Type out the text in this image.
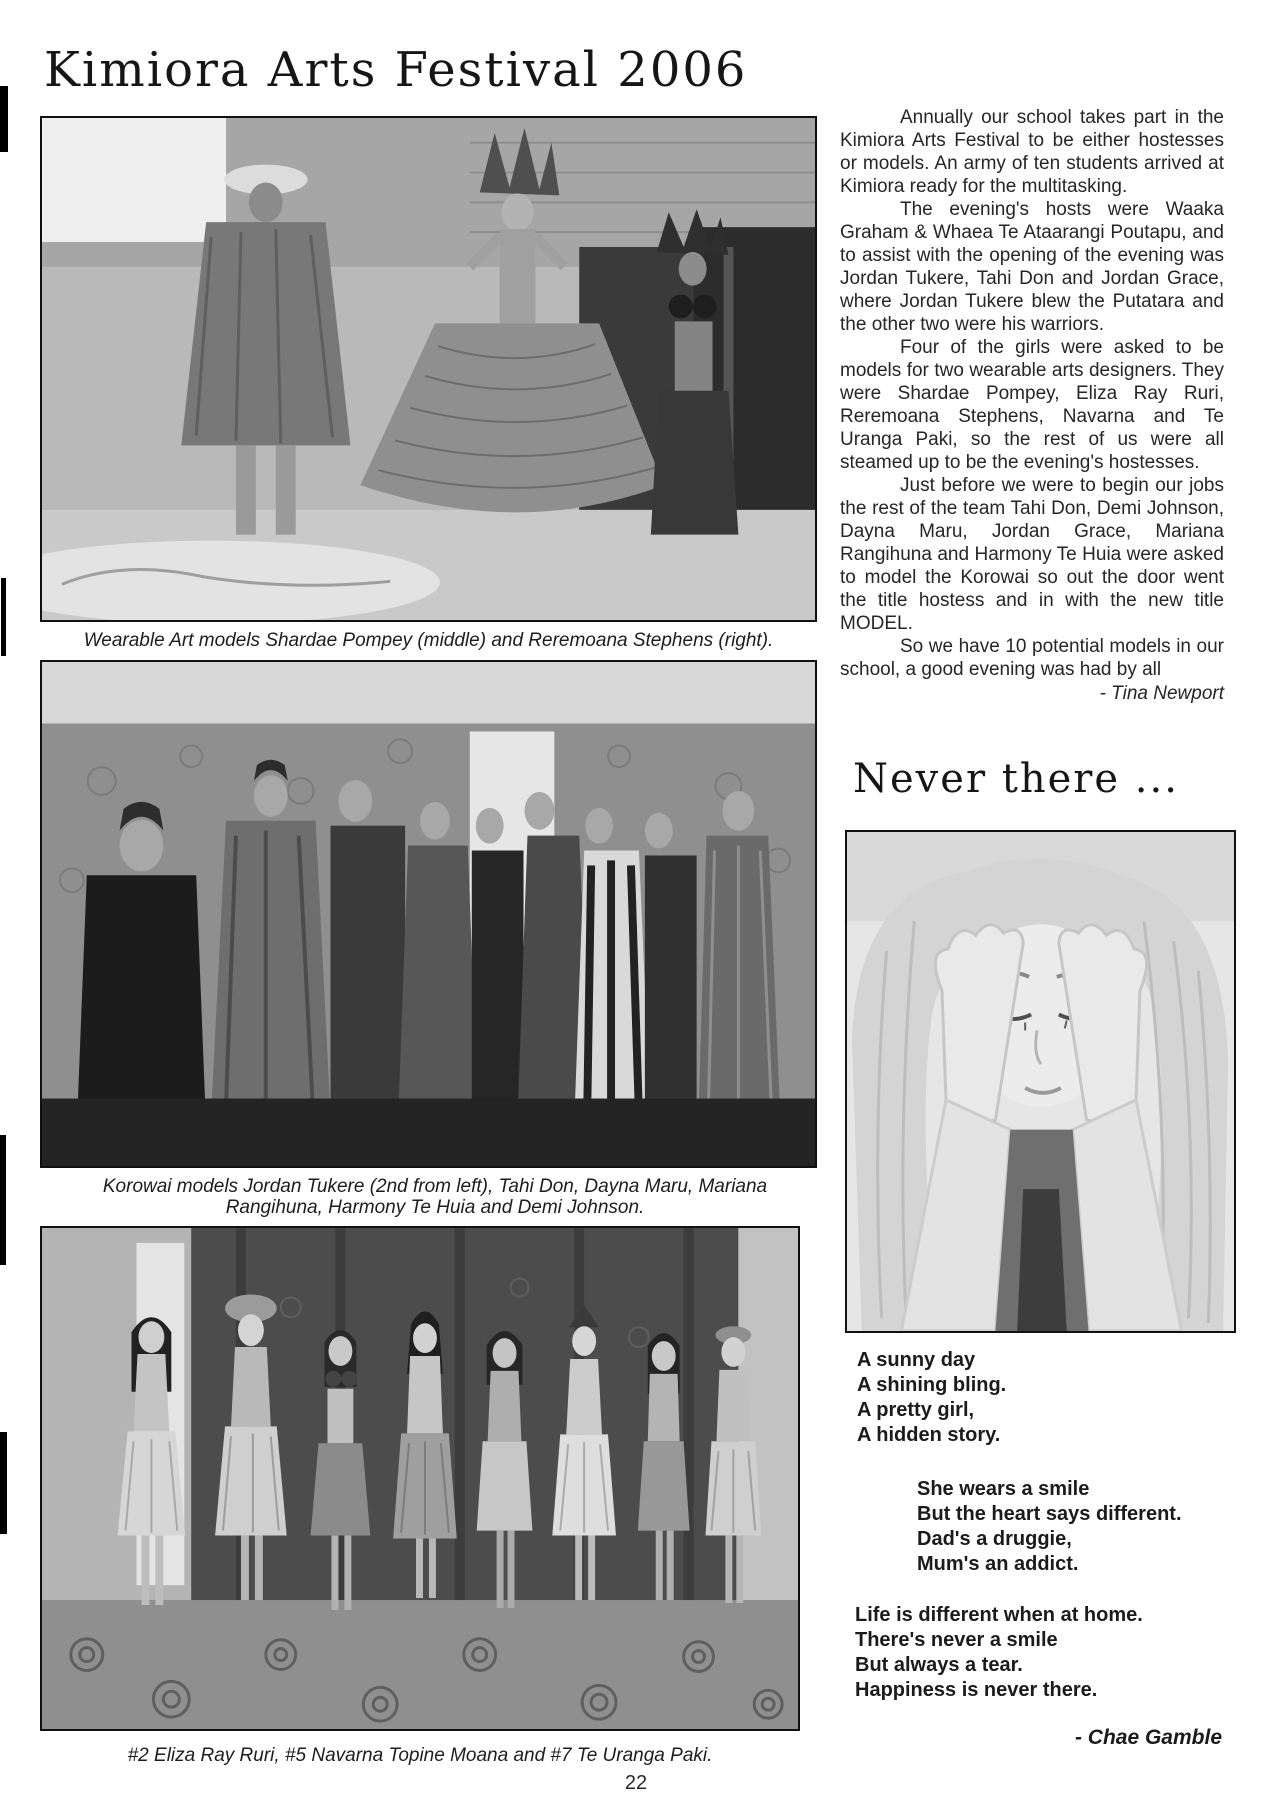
Kimiora Arts Festival 2006
Wearable Art models Shardae Pompey (middle) and Reremoana Stephens (right).
Korowai models Jordan Tukere (2nd from left), Tahi Don, Dayna Maru, Mariana
Rangihuna, Harmony Te Huia and Demi Johnson.
#2 Eliza Ray Ruri, #5 Navarna Topine Moana and #7 Te Uranga Paki.
22

Annually our school takes part in the Kimiora Arts Festival to be either hostesses or models. An army of ten students arrived at Kimiora ready for the multitasking.

The evening's hosts were Waaka Graham & Whaea Te Ataarangi Poutapu, and to assist with the opening of the evening was Jordan Tukere, Tahi Don and Jordan Grace, where Jordan Tukere blew the Putatara and the other two were his warriors.

Four of the girls were asked to be models for two wearable arts designers. They were Shardae Pompey, Eliza Ray Ruri, Reremoana Stephens, Navarna and Te Uranga Paki, so the rest of us were all steamed up to be the evening's hostesses.

Just before we were to begin our jobs the rest of the team Tahi Don, Demi Johnson, Dayna Maru, Jordan Grace, Mariana Rangihuna and Harmony Te Huia were asked to model the Korowai so out the door went the title hostess and in with the new title MODEL.

So we have 10 potential models in our school, a good evening was had by all

- Tina Newport
Never there ...
A sunny day
A shining bling.
A pretty girl,
A hidden story.
She wears a smile
But the heart says different.
Dad's a druggie,
Mum's an addict.
Life is different when at home.
There's never a smile
But always a tear.
Happiness is never there.
- Chae Gamble
